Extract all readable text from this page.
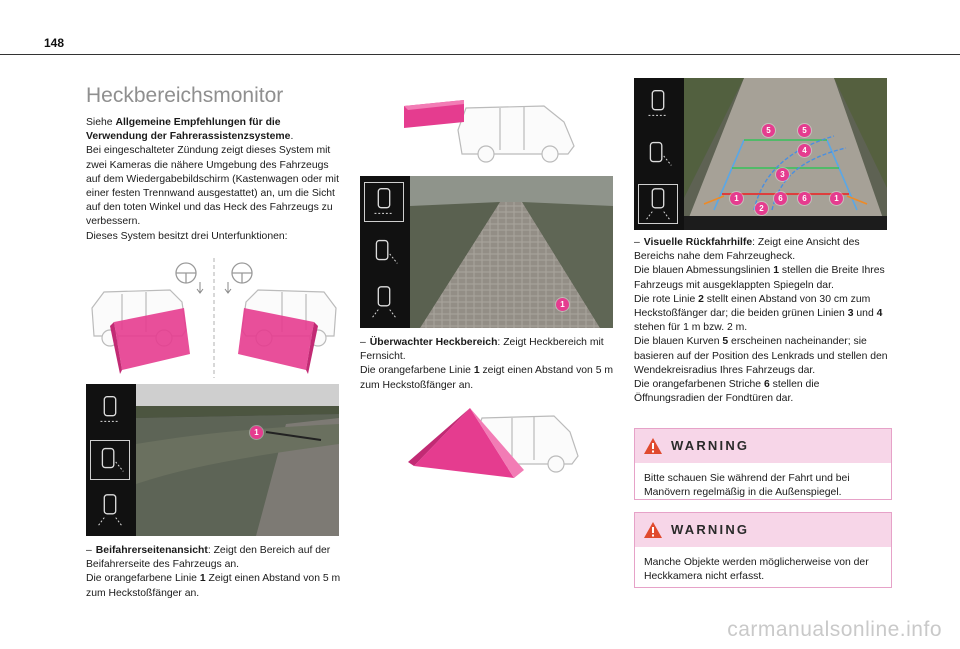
148
Heckbereichsmonitor

Siehe Allgemeine Empfehlungen für die Verwendung der Fahrerassistenzsysteme.

Bei eingeschalteter Zündung zeigt dieses System mit zwei Kameras die nähere Umgebung des Fahrzeugs auf dem Wiedergabebildschirm (Kastenwagen oder mit einer festen Trennwand ausgestattet) an, um die Sicht auf den toten Winkel und das Heck des Fahrzeugs zu verbessern.

Dieses System besitzt drei Unterfunktionen:

1

– Beifahrerseitenansicht: Zeigt den Bereich auf der Beifahrerseite des Fahrzeugs an.

Die orangefarbene Linie 1 Zeigt einen Abstand von 5 m zum Heckstoßfänger an.

1

– Überwachter Heckbereich: Zeigt Heckbereich mit Fernsicht.

Die orangefarbene Linie 1 zeigt einen Abstand von 5 m zum Heckstoßfänger an.

5	5
4
3
1	6	6	1
2

– Visuelle Rückfahrhilfe: Zeigt eine Ansicht des Bereichs nahe dem Fahrzeugheck.

Die blauen Abmessungslinien 1 stellen die Breite Ihres Fahrzeugs mit ausgeklappten Spiegeln dar.

Die rote Linie 2 stellt einen Abstand von 30 cm zum Heckstoßfänger dar; die beiden grünen Linien 3 und 4 stehen für 1 m bzw. 2 m.

Die blauen Kurven 5 erscheinen nacheinander; sie basieren auf der Position des Lenkrads und stellen den Wendekreisradius Ihres Fahrzeugs dar.

Die orangefarbenen Striche 6 stellen die Öffnungsradien der Fondtüren dar.

WARNING
Bitte schauen Sie während der Fahrt und bei Manövern regelmäßig in die Außenspiegel.
WARNING
Manche Objekte werden möglicherweise von der Heckkamera nicht erfasst.
carmanualsonline.info
